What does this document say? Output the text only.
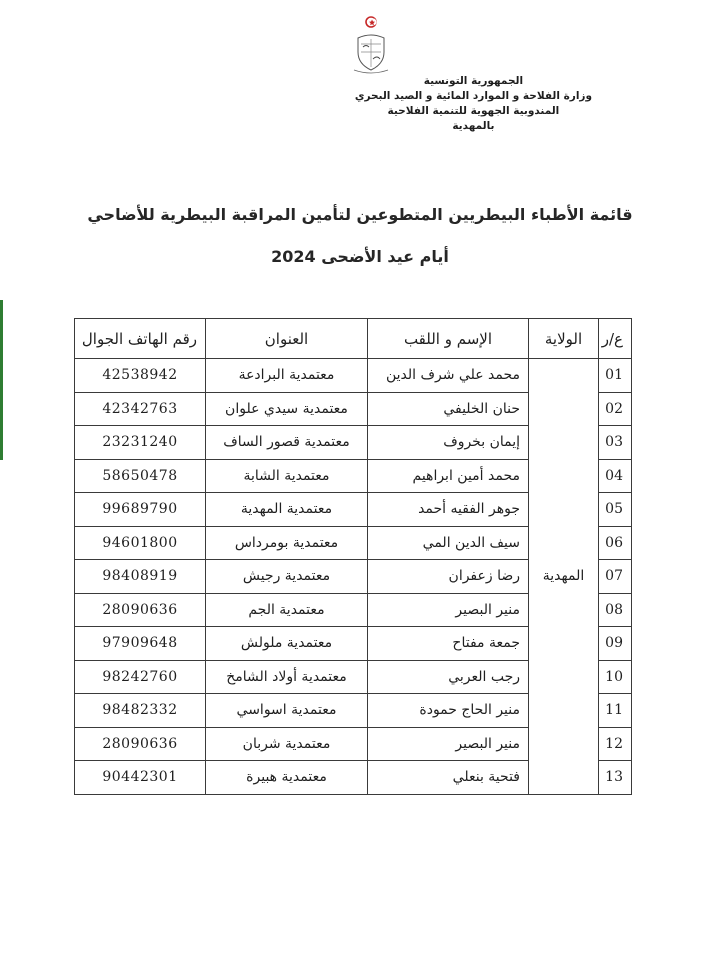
الجمهورية التونسية
وزارة الفلاحة و الموارد المائية و الصيد البحري
المندوبية الجهوية للتنمية الفلاحية
بالمهدية
قائمة الأطباء البيطريين المتطوعين لتأمين المراقبة البيطرية للأضاحي
أيام عيد الأضحى 2024
ع/ر	الولاية	الإسم و اللقب	العنوان	رقم الهاتف الجوال
01	المهدية	محمد علي شرف الدين	معتمدية البرادعة	42538942
02		حنان الخليفي	معتمدية سيدي علوان	42342763
03		إيمان بخروف	معتمدية قصور الساف	23231240
04		محمد أمين ابراهيم	معتمدية الشابة	58650478
05		جوهر الفقيه أحمد	معتمدية المهدية	99689790
06		سيف الدين المي	معتمدية بومرداس	94601800
07		رضا زعفران	معتمدية رجيش	98408919
08		منير البصير	معتمدية الجم	28090636
09		جمعة مفتاح	معتمدية ملولش	97909648
10		رجب العربي	معتمدية أولاد الشامخ	98242760
11		منير الحاج حمودة	معتمدية اسواسي	98482332
12		منير البصير	معتمدية شربان	28090636
13		فتحية بنعلي	معتمدية هبيرة	90442301
